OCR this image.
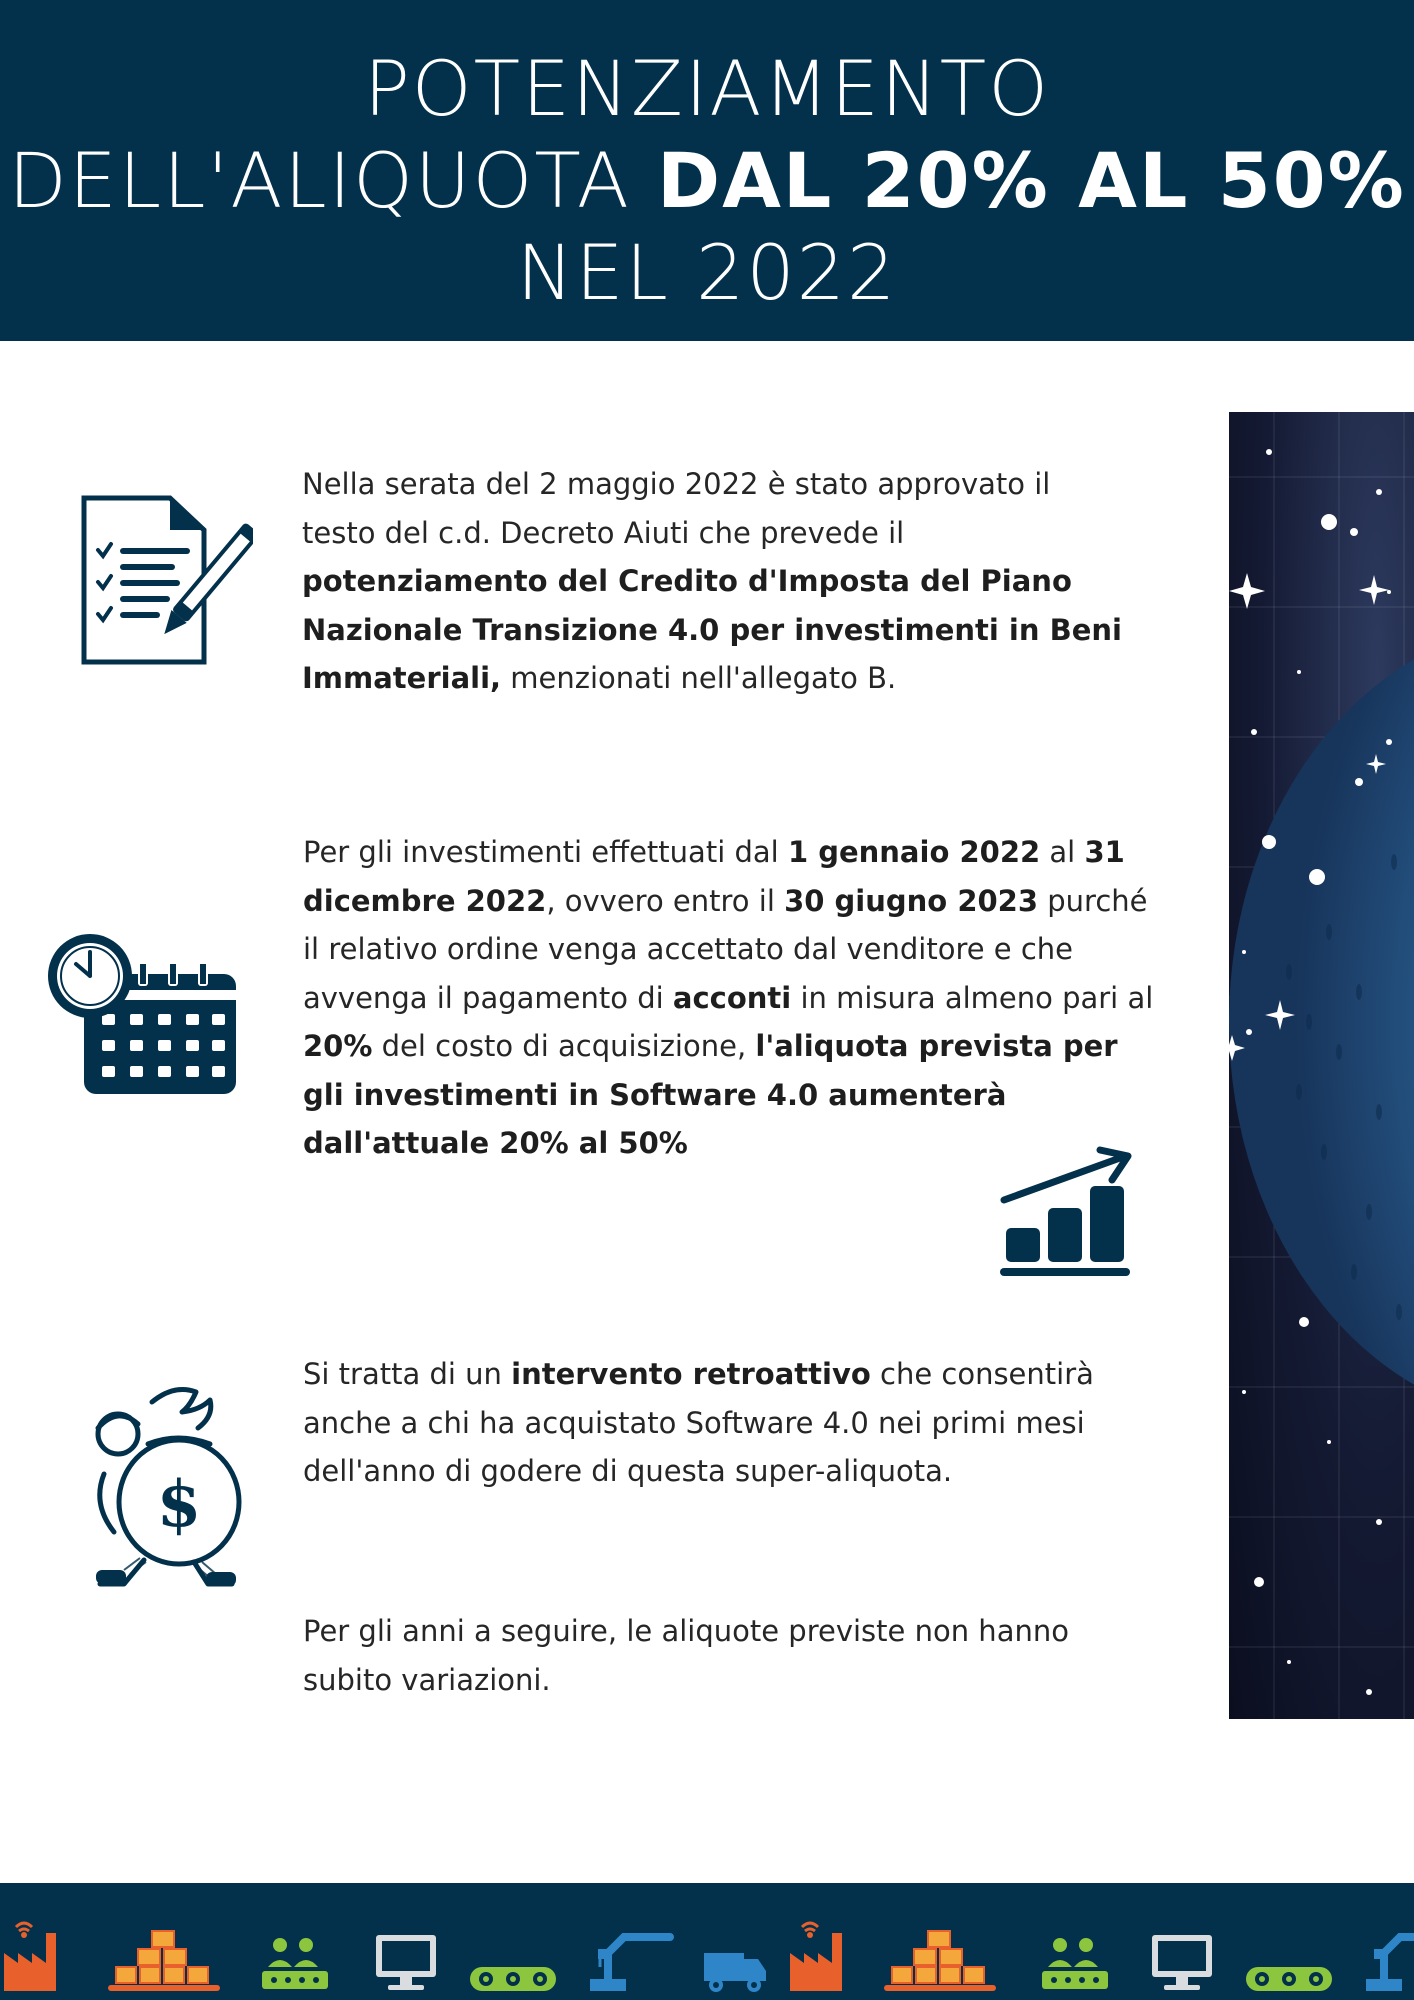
POTENZIAMENTO
DELL'ALIQUOTA DAL 20% AL 50%
NEL 2022

Nella serata del 2 maggio 2022 è stato approvato il testo del c.d. Decreto Aiuti che prevede il potenziamento del Credito d'Imposta del Piano Nazionale Transizione 4.0 per investimenti in Beni Immateriali, menzionati nell'allegato B.

Per gli investimenti effettuati dal 1 gennaio 2022 al 31 dicembre 2022, ovvero entro il 30 giugno 2023 purché il relativo ordine venga accettato dal venditore e che avvenga il pagamento di acconti in misura almeno pari al 20% del costo di acquisizione, l'aliquota prevista per gli investimenti in Software 4.0 aumenterà dall'attuale 20% al 50%

$

Si tratta di un intervento retroattivo che consentirà anche a chi ha acquistato Software 4.0 nei primi mesi dell'anno di godere di questa super-aliquota.

Per gli anni a seguire, le aliquote previste non hanno subito variazioni.
